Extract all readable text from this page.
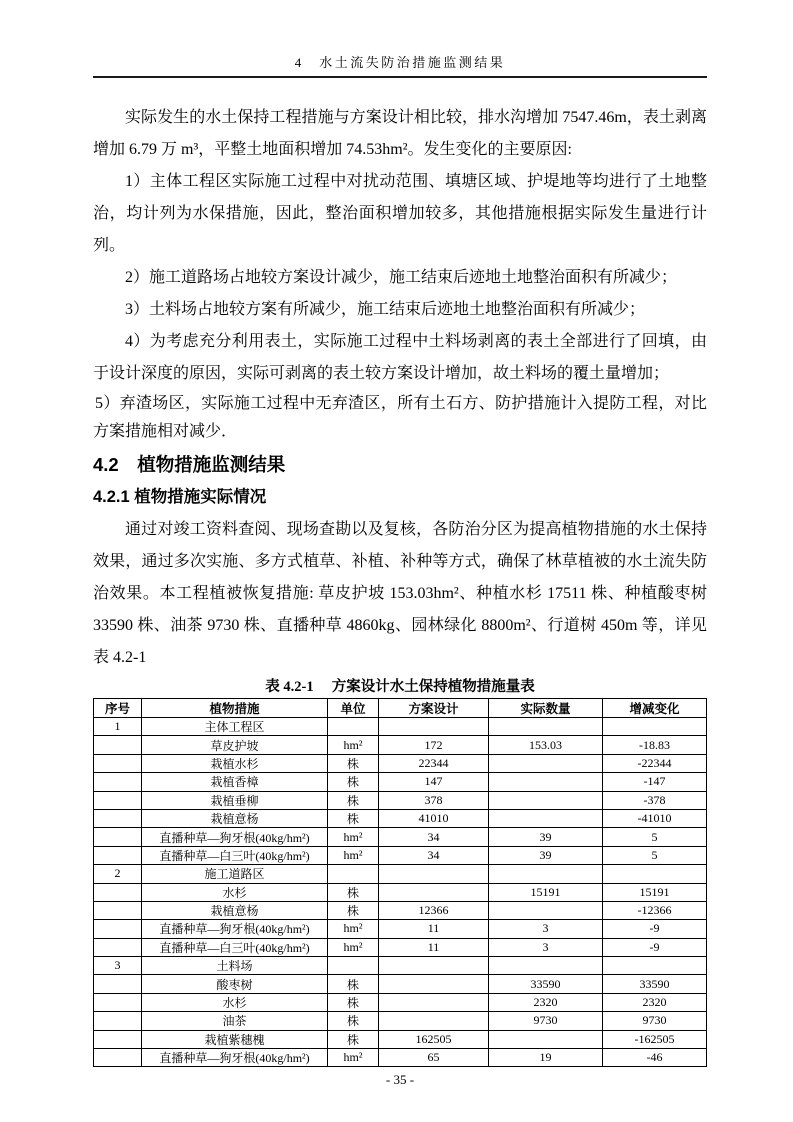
4　水土流失防治措施监测结果

实际发生的水土保持工程措施与方案设计相比较，排水沟增加 7547.46m，表土剥离增加 6.79 万 m³，平整土地面积增加 74.53hm²。发生变化的主要原因:

1）主体工程区实际施工过程中对扰动范围、填塘区域、护堤地等均进行了土地整治，均计列为水保措施，因此，整治面积增加较多，其他措施根据实际发生量进行计列。

2）施工道路场占地较方案设计减少，施工结束后迹地土地整治面积有所减少；

3）土料场占地较方案有所减少，施工结束后迹地土地整治面积有所减少；

4）为考虑充分利用表土，实际施工过程中土料场剥离的表土全部进行了回填，由于设计深度的原因，实际可剥离的表土较方案设计增加，故土料场的覆土量增加；

5）弃渣场区，实际施工过程中无弃渣区，所有土石方、防护措施计入提防工程，对比方案措施相对减少．

4.2　植物措施监测结果
4.2.1 植物措施实际情况

通过对竣工资料查阅、现场查勘以及复核，各防治分区为提高植物措施的水土保持效果，通过多次实施、多方式植草、补植、补种等方式，确保了林草植被的水土流失防治效果。本工程植被恢复措施: 草皮护坡 153.03hm²、种植水杉 17511 株、种植酸枣树 33590 株、油茶 9730 株、直播种草 4860kg、园林绿化 8800m²、行道树 450m 等，详见表 4.2-1

表 4.2-1　 方案设计水土保持植物措施量表
序号	植物措施	单位	方案设计	实际数量	增减变化
1	主体工程区				
	草皮护坡	hm²	172	153.03	-18.83
	栽植水杉	株	22344		-22344
	栽植香樟	株	147		-147
	栽植垂柳	株	378		-378
	栽植意杨	株	41010		-41010
	直播种草—狗牙根(40kg/hm²)	hm²	34	39	5
	直播种草—白三叶(40kg/hm²)	hm²	34	39	5
2	施工道路区				
	水杉	株		15191	15191
	栽植意杨	株	12366		-12366
	直播种草—狗牙根(40kg/hm²)	hm²	11	3	-9
	直播种草—白三叶(40kg/hm²)	hm²	11	3	-9
3	土料场				
	酸枣树	株		33590	33590
	水杉	株		2320	2320
	油茶	株		9730	9730
	栽植紫穗槐	株	162505		-162505
	直播种草—狗牙根(40kg/hm²)	hm²	65	19	-46
- 35 -
